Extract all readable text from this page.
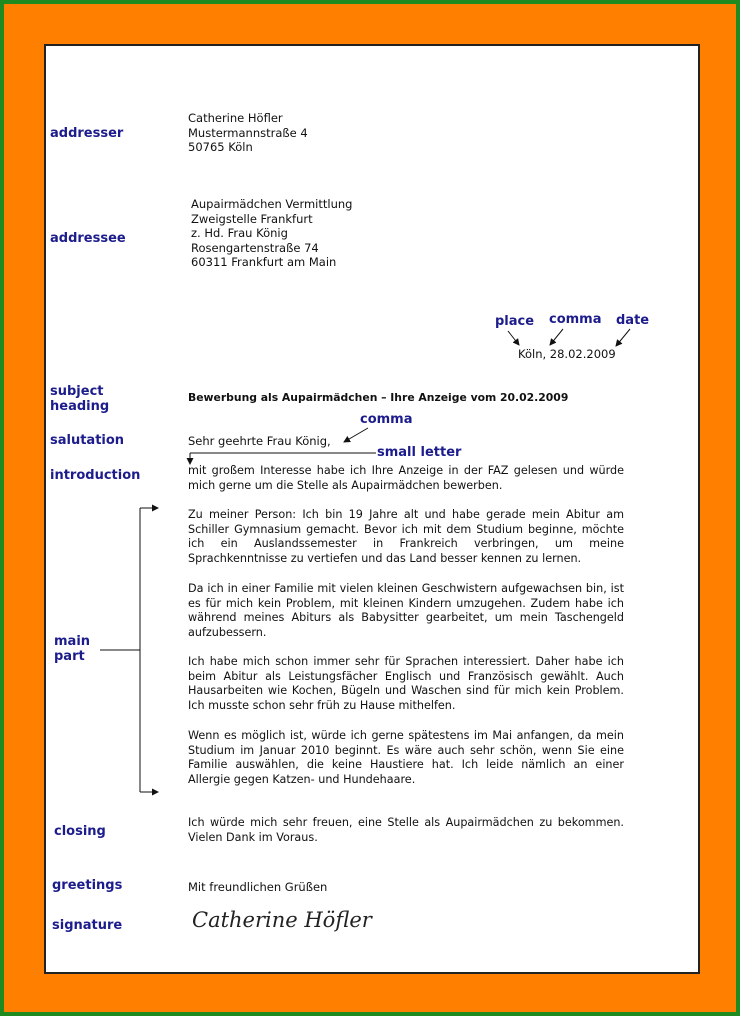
addresser
addressee
subject
heading
salutation
introduction
main
part
closing
greetings
signature
place comma date
comma
small letter
Catherine Höfler
Mustermannstraße 4
50765 Köln
Aupairmädchen Vermittlung
Zweigstelle Frankfurt
z. Hd. Frau König
Rosengartenstraße 74
60311 Frankfurt am Main
Köln, 28.02.2009
Bewerbung als Aupairmädchen – Ihre Anzeige vom 20.02.2009
Sehr geehrte Frau König,
mit großem Interesse habe ich Ihre Anzeige in der FAZ gelesen und würde mich gerne um die Stelle als Aupairmädchen bewerben.
Zu meiner Person: Ich bin 19 Jahre alt und habe gerade mein Abitur am Schiller Gymnasium gemacht. Bevor ich mit dem Studium beginne, möchte ich ein Auslandssemester in Frankreich verbringen, um meine Sprachkenntnisse zu vertiefen und das Land besser kennen zu lernen.
Da ich in einer Familie mit vielen kleinen Geschwistern aufgewachsen bin, ist es für mich kein Problem, mit kleinen Kindern umzugehen. Zudem habe ich während meines Abiturs als Babysitter gearbeitet, um mein Taschengeld aufzubessern.
Ich habe mich schon immer sehr für Sprachen interessiert. Daher habe ich beim Abitur als Leistungsfächer Englisch und Französisch gewählt. Auch Hausarbeiten wie Kochen, Bügeln und Waschen sind für mich kein Problem. Ich musste schon sehr früh zu Hause mithelfen.
Wenn es möglich ist, würde ich gerne spätestens im Mai anfangen, da mein Studium im Januar 2010 beginnt. Es wäre auch sehr schön, wenn Sie eine Familie auswählen, die keine Haustiere hat. Ich leide nämlich an einer Allergie gegen Katzen- und Hundehaare.
Ich würde mich sehr freuen, eine Stelle als Aupairmädchen zu bekommen. Vielen Dank im Voraus.
Mit freundlichen Grüßen
Catherine Höfler
